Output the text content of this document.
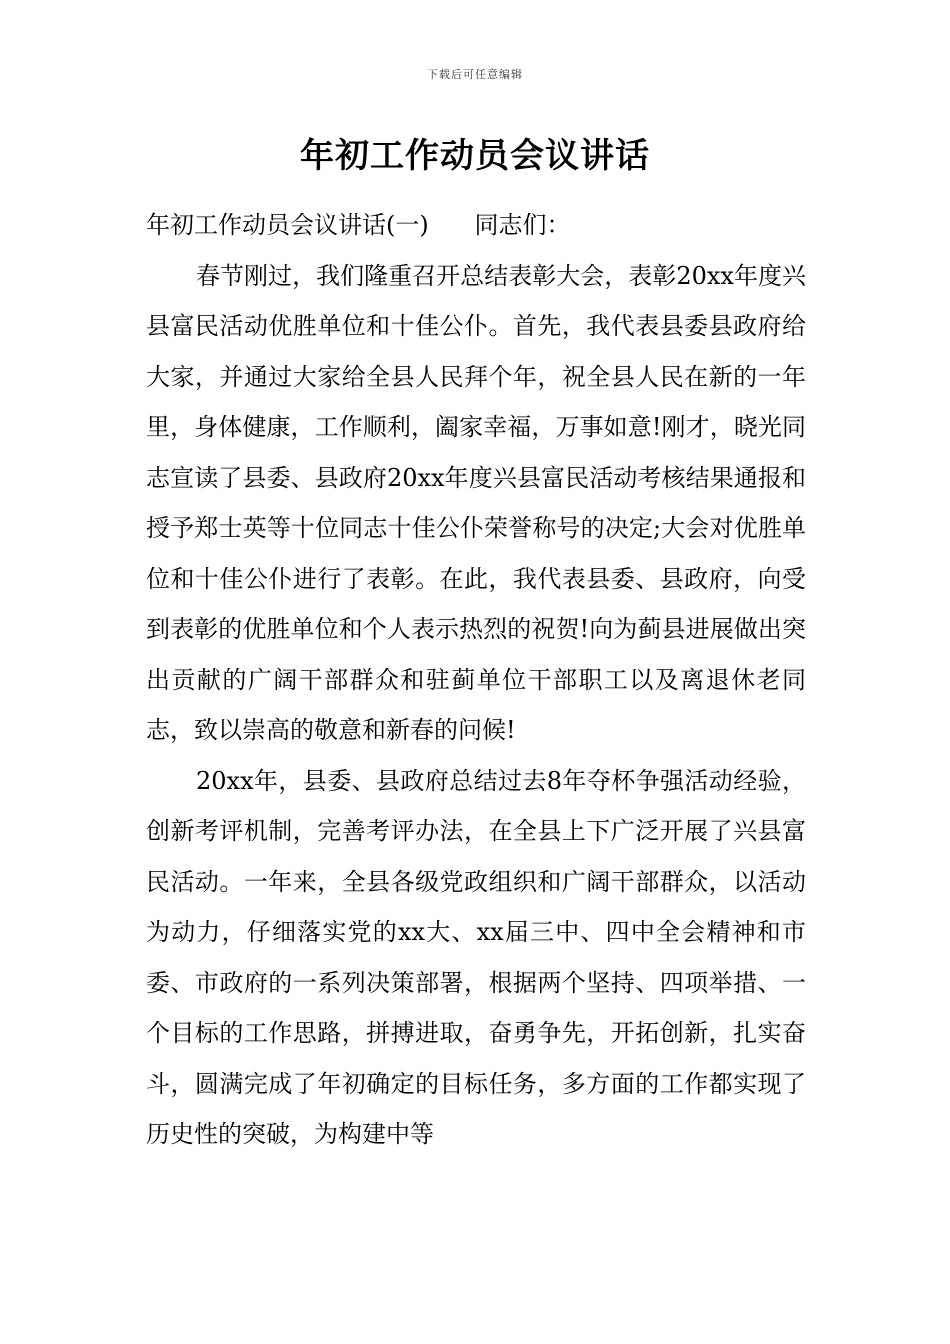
下载后可任意编辑
年初工作动员会议讲话

年初工作动员会议讲话(一)      同志们：

春节刚过，我们隆重召开总结表彰大会，表彰20xx年度兴县富民活动优胜单位和十佳公仆。首先，我代表县委县政府给大家，并通过大家给全县人民拜个年，祝全县人民在新的一年里，身体健康，工作顺利，阖家幸福，万事如意!刚才，晓光同志宣读了县委、县政府20xx年度兴县富民活动考核结果通报和授予郑士英等十位同志十佳公仆荣誉称号的决定;大会对优胜单位和十佳公仆进行了表彰。在此，我代表县委、县政府，向受到表彰的优胜单位和个人表示热烈的祝贺!向为蓟县进展做出突出贡献的广阔干部群众和驻蓟单位干部职工以及离退休老同志，致以崇高的敬意和新春的问候!

20xx年，县委、县政府总结过去8年夺杯争强活动经验，创新考评机制，完善考评办法，在全县上下广泛开展了兴县富民活动。一年来，全县各级党政组织和广阔干部群众，以活动为动力，仔细落实党的xx大、xx届三中、四中全会精神和市委、市政府的一系列决策部署，根据两个坚持、四项举措、一个目标的工作思路，拼搏进取，奋勇争先，开拓创新，扎实奋斗，圆满完成了年初确定的目标任务，多方面的工作都实现了历史性的突破，为构建中等
